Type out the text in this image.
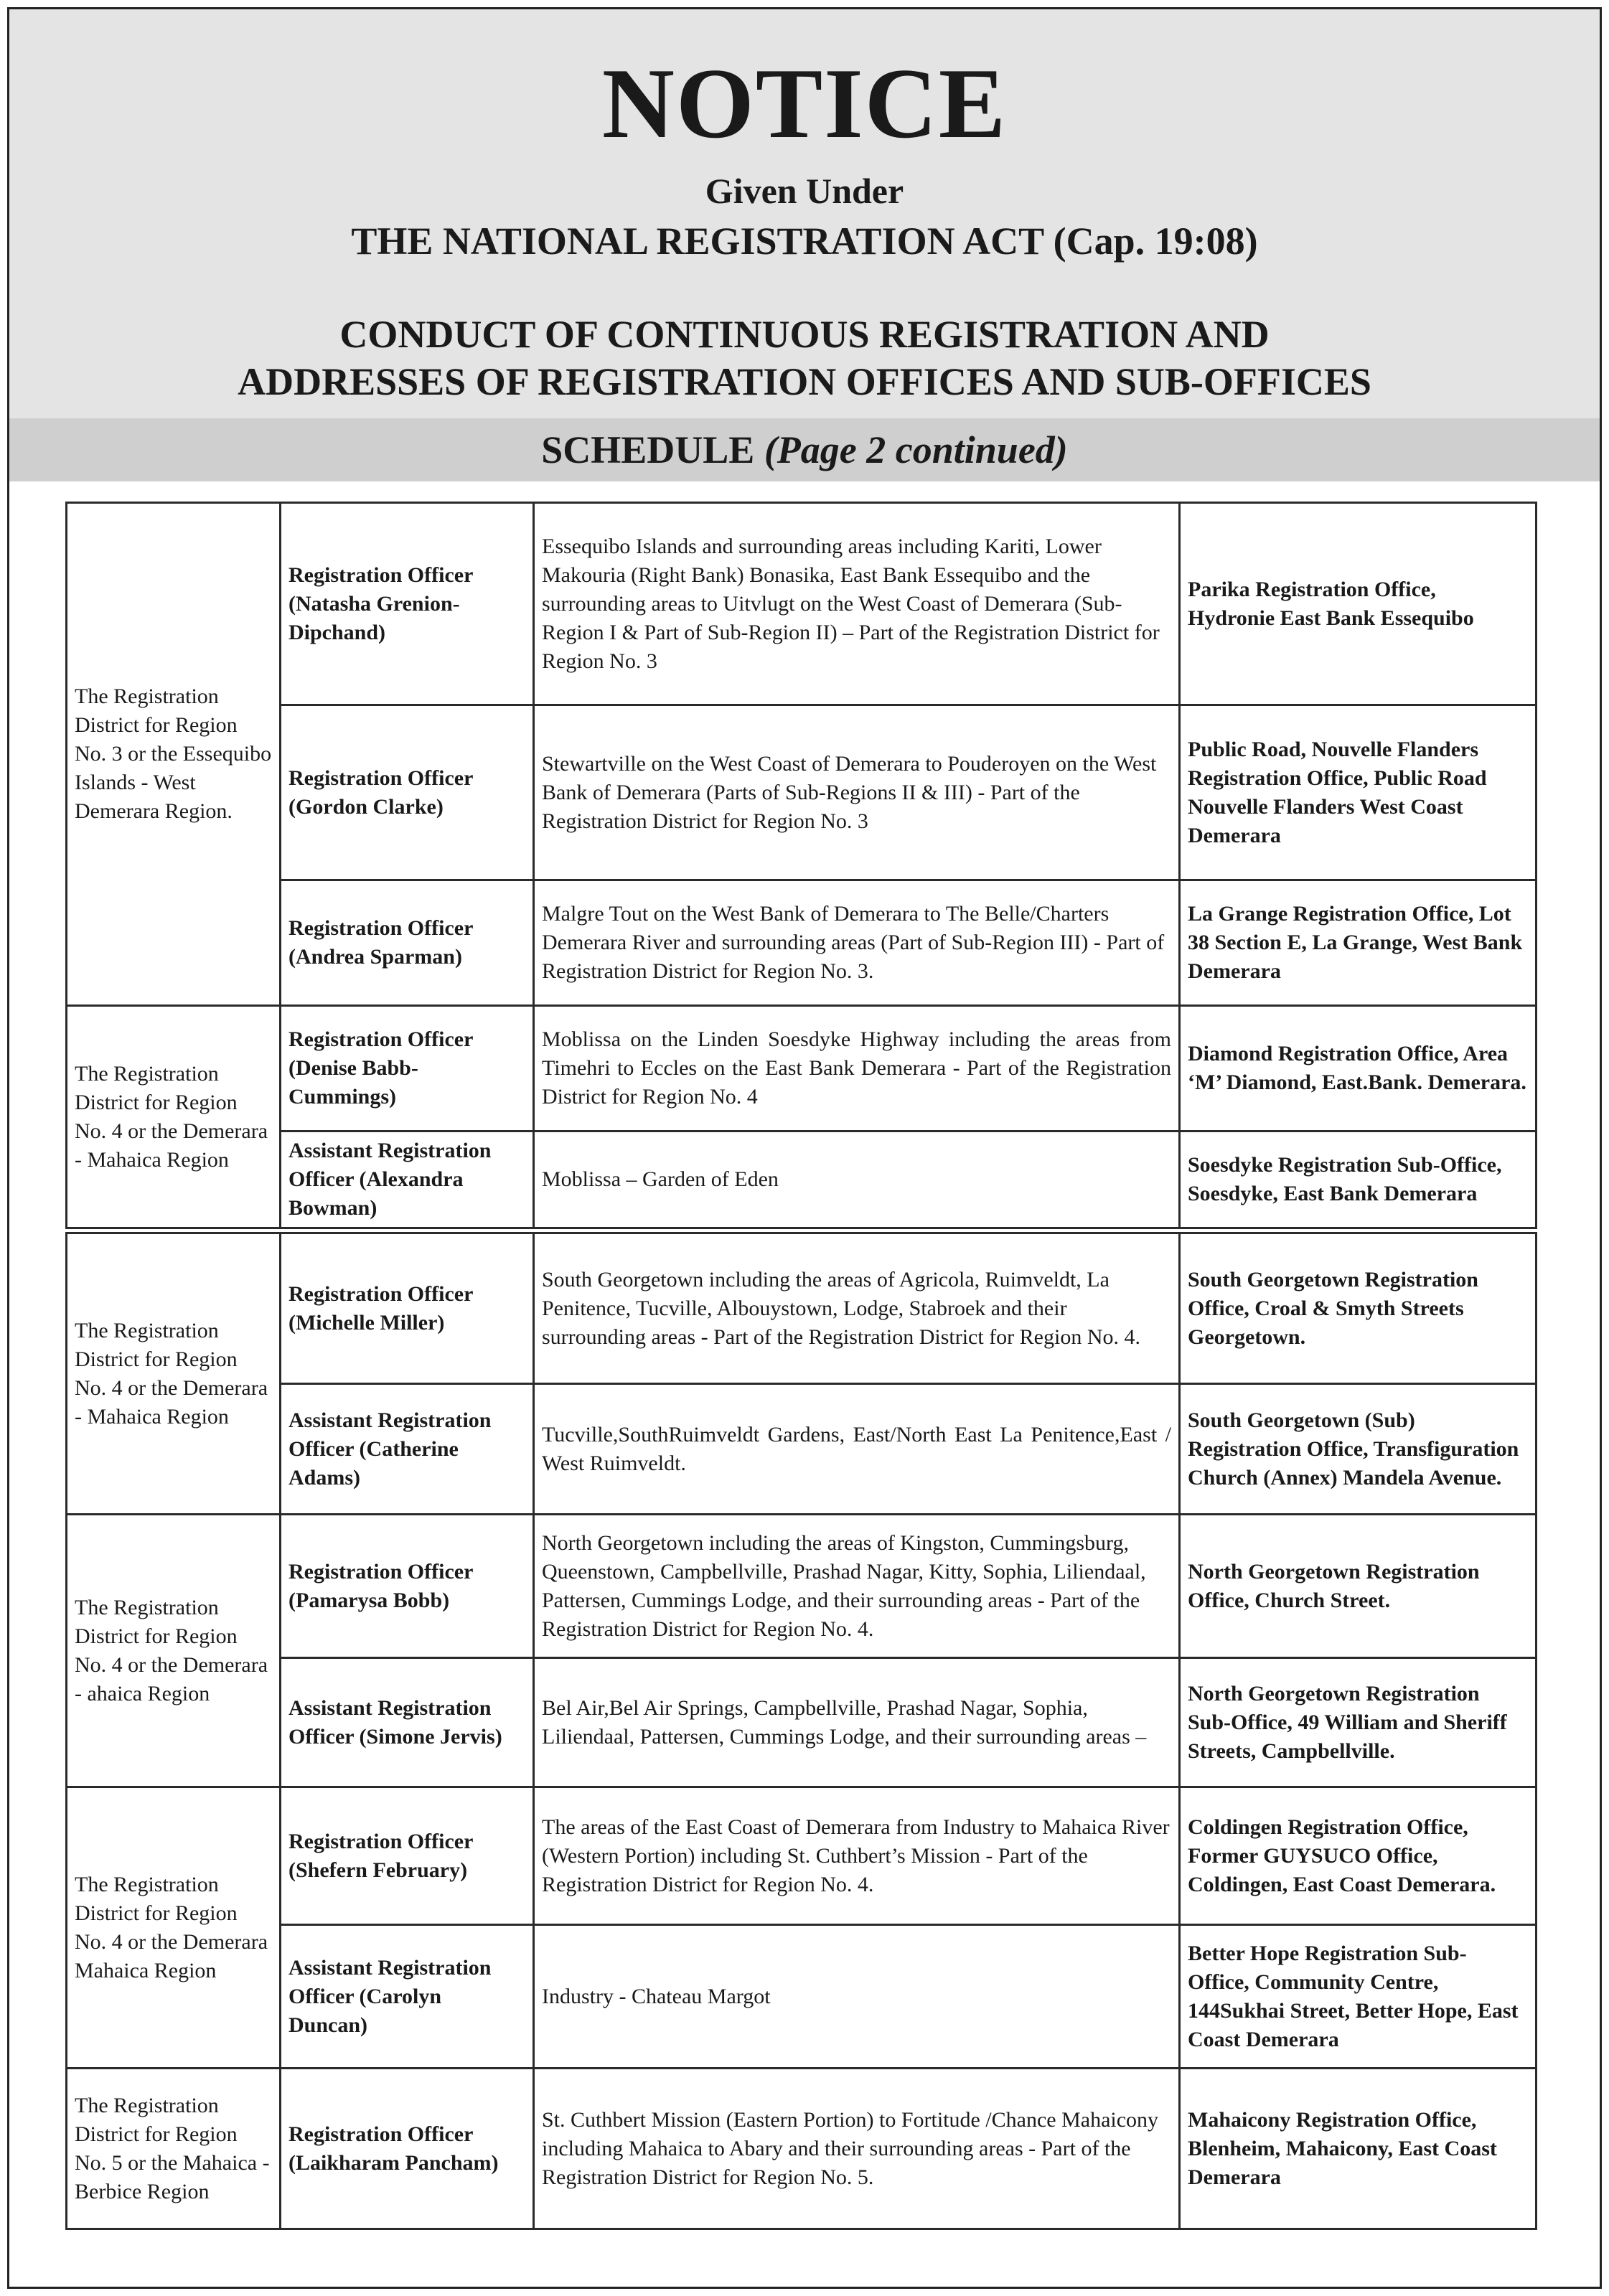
NOTICE
Given Under
THE NATIONAL REGISTRATION ACT (Cap. 19:08)
CONDUCT OF CONTINUOUS REGISTRATION AND
ADDRESSES OF REGISTRATION OFFICES AND SUB-OFFICES
SCHEDULE (Page 2 continued)
The Registration District for Region No. 3 or the Essequibo Islands - West Demerara Region.	Registration Officer (Natasha Grenion-Dipchand)	Essequibo Islands and surrounding areas including Kariti, Lower Makouria (Right Bank) Bonasika, East Bank Essequibo and the surrounding areas to Uitvlugt on the West Coast of Demerara (Sub-Region I & Part of Sub-Region II) – Part of the Registration District for Region No. 3	Parika Registration Office, Hydronie East Bank Essequibo
	Registration Officer (Gordon Clarke)	Stewartville on the West Coast of Demerara to Pouderoyen on the West Bank of Demerara (Parts of Sub-Regions II & III) - Part of the Registration District for Region No. 3	Public Road, Nouvelle Flanders Registration Office, Public Road Nouvelle Flanders West Coast Demerara
	Registration Officer (Andrea Sparman)	Malgre Tout on the West Bank of Demerara to The Belle/Charters Demerara River and surrounding areas (Part of Sub-Region III) - Part of Registration District for Region No. 3.	La Grange Registration Office, Lot 38 Section E, La Grange, West Bank Demerara
The Registration District for Region No. 4 or the Demerara - Mahaica Region	Registration Officer (Denise Babb-Cummings)	Moblissa on the Linden Soesdyke Highway including the areas from Timehri to Eccles on the East Bank Demerara - Part of the Registration District for Region No. 4	Diamond Registration Office, Area ‘M’ Diamond, East.Bank. Demerara.
	Assistant Registration Officer (Alexandra Bowman)	Moblissa – Garden of Eden	Soesdyke Registration Sub-Office, Soesdyke, East Bank Demerara
The Registration District for Region No. 4 or the Demerara - Mahaica Region	Registration Officer (Michelle Miller)	South Georgetown including the areas of Agricola, Ruimveldt, La Penitence, Tucville, Albouystown, Lodge, Stabroek and their surrounding areas - Part of the Registration District for Region No. 4.	South Georgetown Registration Office, Croal & Smyth Streets Georgetown.
	Assistant Registration Officer (Catherine Adams)	Tucville,SouthRuimveldt Gardens, East/North East La Penitence,East / West Ruimveldt.	South Georgetown (Sub) Registration Office, Transfiguration Church (Annex) Mandela Avenue.
The Registration District for Region No. 4 or the Demerara - ahaica Region	Registration Officer (Pamarysa Bobb)	North Georgetown including the areas of Kingston, Cummingsburg, Queenstown, Campbellville, Prashad Nagar, Kitty, Sophia, Liliendaal, Pattersen, Cummings Lodge, and their surrounding areas - Part of the Registration District for Region No. 4.	North Georgetown Registration Office, Church Street.
	Assistant Registration Officer (Simone Jervis)	Bel Air,Bel Air Springs, Campbellville, Prashad Nagar, Sophia, Liliendaal, Pattersen, Cummings Lodge, and their surrounding areas –	North Georgetown Registration Sub-Office, 49 William and Sheriff Streets, Campbellville.
The Registration District for Region No. 4 or the Demerara Mahaica Region	Registration Officer (Shefern February)	The areas of the East Coast of Demerara from Industry to Mahaica River (Western Portion) including St. Cuthbert’s Mission - Part of the Registration District for Region No. 4.	Coldingen Registration Office, Former GUYSUCO Office, Coldingen, East Coast Demerara.
	Assistant Registration Officer (Carolyn Duncan)	Industry - Chateau Margot	Better Hope Registration Sub-Office, Community Centre, 144Sukhai Street, Better Hope, East Coast Demerara
The Registration District for Region No. 5 or the Mahaica - Berbice Region	Registration Officer (Laikharam Pancham)	St. Cuthbert Mission (Eastern Portion) to Fortitude /Chance Mahaicony including Mahaica to Abary and their surrounding areas - Part of the Registration District for Region No. 5.	Mahaicony Registration Office, Blenheim, Mahaicony, East Coast Demerara
